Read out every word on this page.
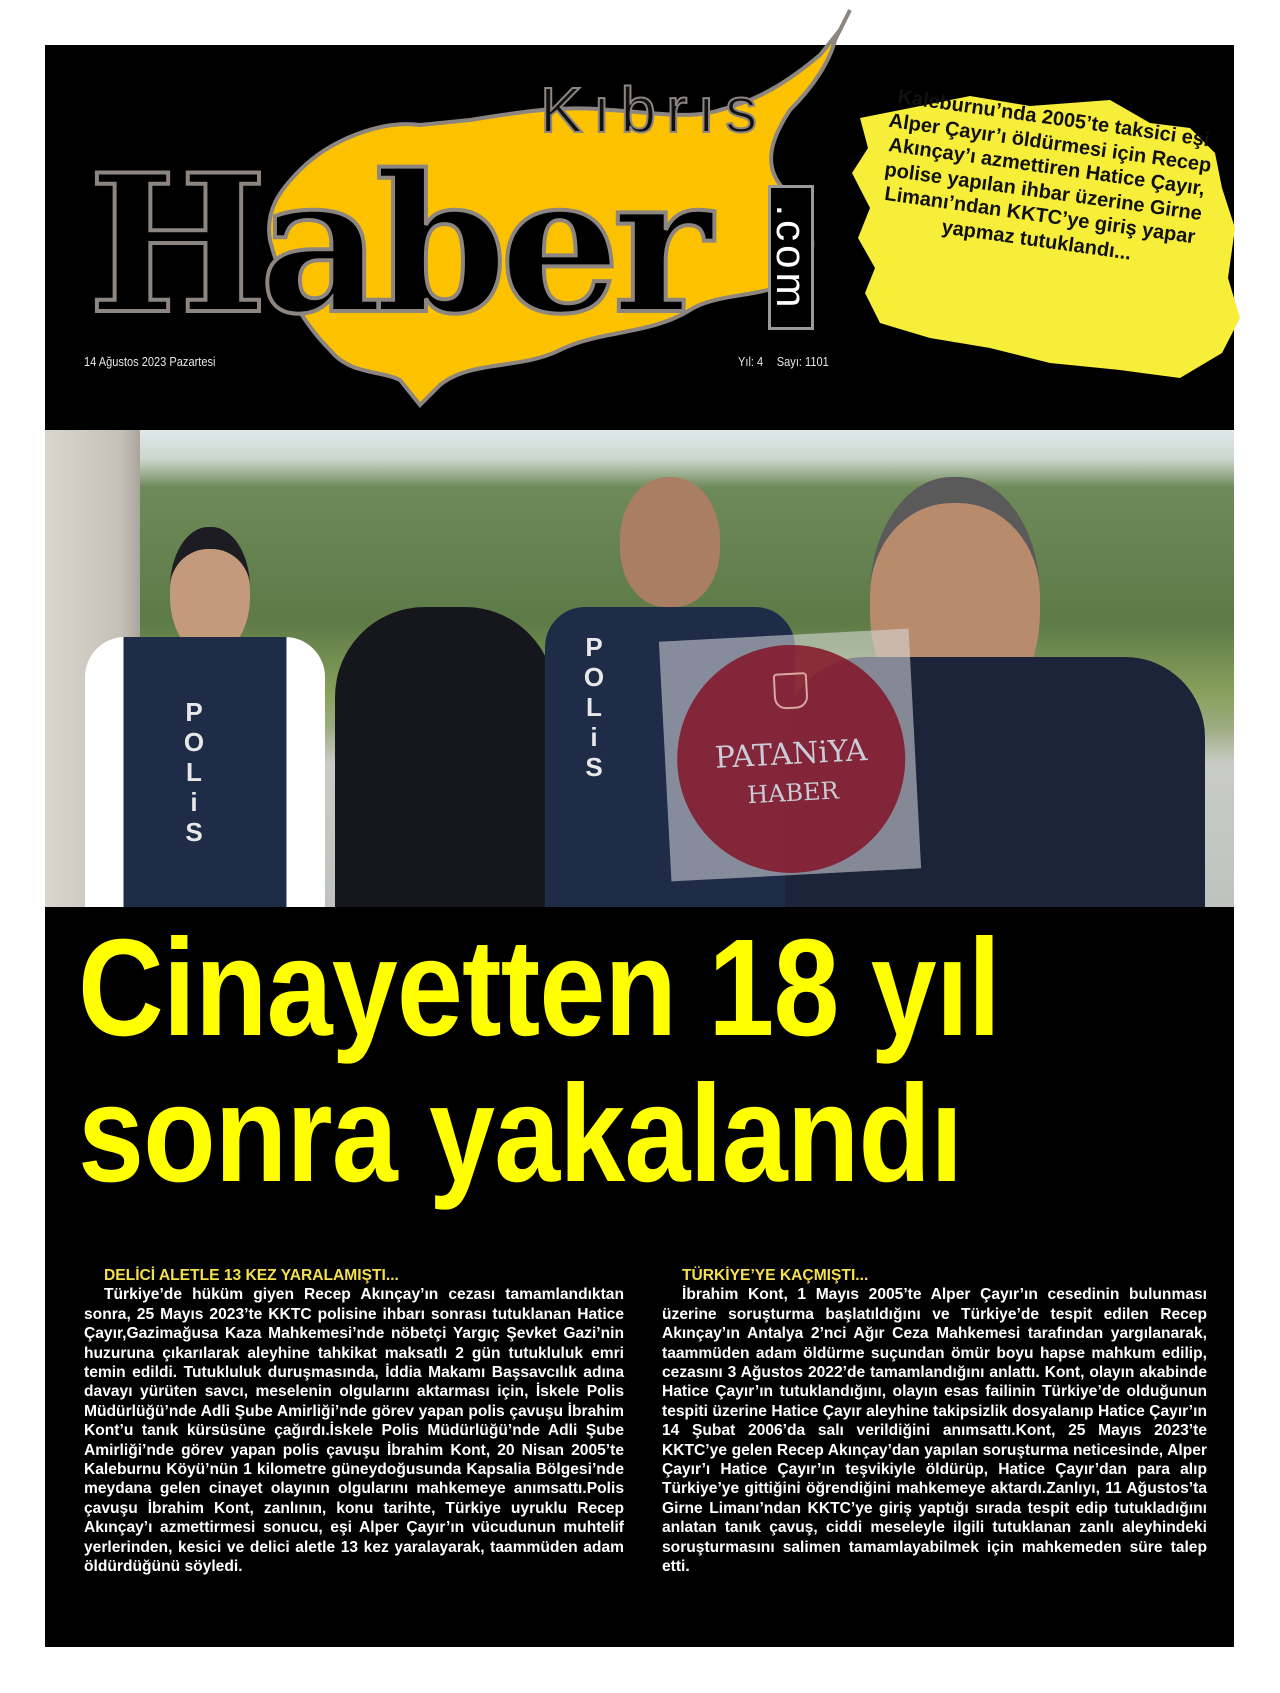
Kıbrıs
Haber .com
14 Ağustos 2023 Pazartesi	Yıl: 4 Sayı: 1101
Kaleburnu’nda 2005’te taksici eşi Alper Çayır’ı öldürmesi için Recep Akınçay’ı azmettiren Hatice Çayır, polise yapılan ihbar üzerine Girne Limanı’ndan KKTC’ye giriş yapar yapmaz tutuklandı...
POLiS	POLiS	PATANiYA
HABER
Cinayetten 18 yıl
sonra yakalandı
DELİCİ ALETLE 13 KEZ YARALAMIŞTI...

Türkiye’de hüküm giyen Recep Akınçay’ın cezası tamamlandıktan sonra, 25 Mayıs 2023’te KKTC polisine ihbarı sonrası tutuklanan Hatice Çayır,Gazimağusa Kaza Mahkemesi’nde nöbetçi Yargıç Şevket Gazi’nin huzuruna çıkarılarak aleyhine tahkikat maksatlı 2 gün tutukluluk emri temin edildi. Tutukluluk duruşmasında, İddia Makamı Başsavcılık adına davayı yürüten savcı, meselenin olgularını aktarması için, İskele Polis Müdürlüğü’nde Adli Şube Amirliği’nde görev yapan polis çavuşu İbrahim Kont’u tanık kürsüsüne çağırdı.İskele Polis Müdürlüğü’nde Adli Şube Amirliği’nde görev yapan polis çavuşu İbrahim Kont, 20 Nisan 2005’te Kaleburnu Köyü’nün 1 kilometre güneydoğusunda Kapsalia Bölgesi’nde meydana gelen cinayet olayının olgularını mahkemeye anımsattı.Polis çavuşu İbrahim Kont, zanlının, konu tarihte, Türkiye uyruklu Recep Akınçay’ı azmettirmesi sonucu, eşi Alper Çayır’ın vücudunun muhtelif yerlerinden, kesici ve delici aletle 13 kez yaralayarak, taammüden adam öldürdüğünü söyledi.

TÜRKİYE’YE KAÇMIŞTI...

İbrahim Kont, 1 Mayıs 2005’te Alper Çayır’ın cesedinin bulunması üzerine soruşturma başlatıldığını ve Türkiye’de tespit edilen Recep Akınçay’ın Antalya 2’nci Ağır Ceza Mahkemesi tarafından yargılanarak, taammüden adam öldürme suçundan ömür boyu hapse mahkum edilip, cezasını 3 Ağustos 2022’de tamamlandığını anlattı. Kont, olayın akabinde Hatice Çayır’ın tutuklandığını, olayın esas failinin Türkiye’de olduğunun tespiti üzerine Hatice Çayır aleyhine takipsizlik dosyalanıp Hatice Çayır’ın 14 Şubat 2006’da salı verildiğini anımsattı.Kont, 25 Mayıs 2023’te KKTC’ye gelen Recep Akınçay’dan yapılan soruşturma neticesinde, Alper Çayır’ı Hatice Çayır’ın teşvikiyle öldürüp, Hatice Çayır’dan para alıp Türkiye’ye gittiğini öğrendiğini mahkemeye aktardı.Zanlıyı, 11 Ağustos’ta Girne Limanı’ndan KKTC’ye giriş yaptığı sırada tespit edip tutukladığını anlatan tanık çavuş, ciddi meseleyle ilgili tutuklanan zanlı aleyhindeki soruşturmasını salimen tamamlayabilmek için mahkemeden süre talep etti.
